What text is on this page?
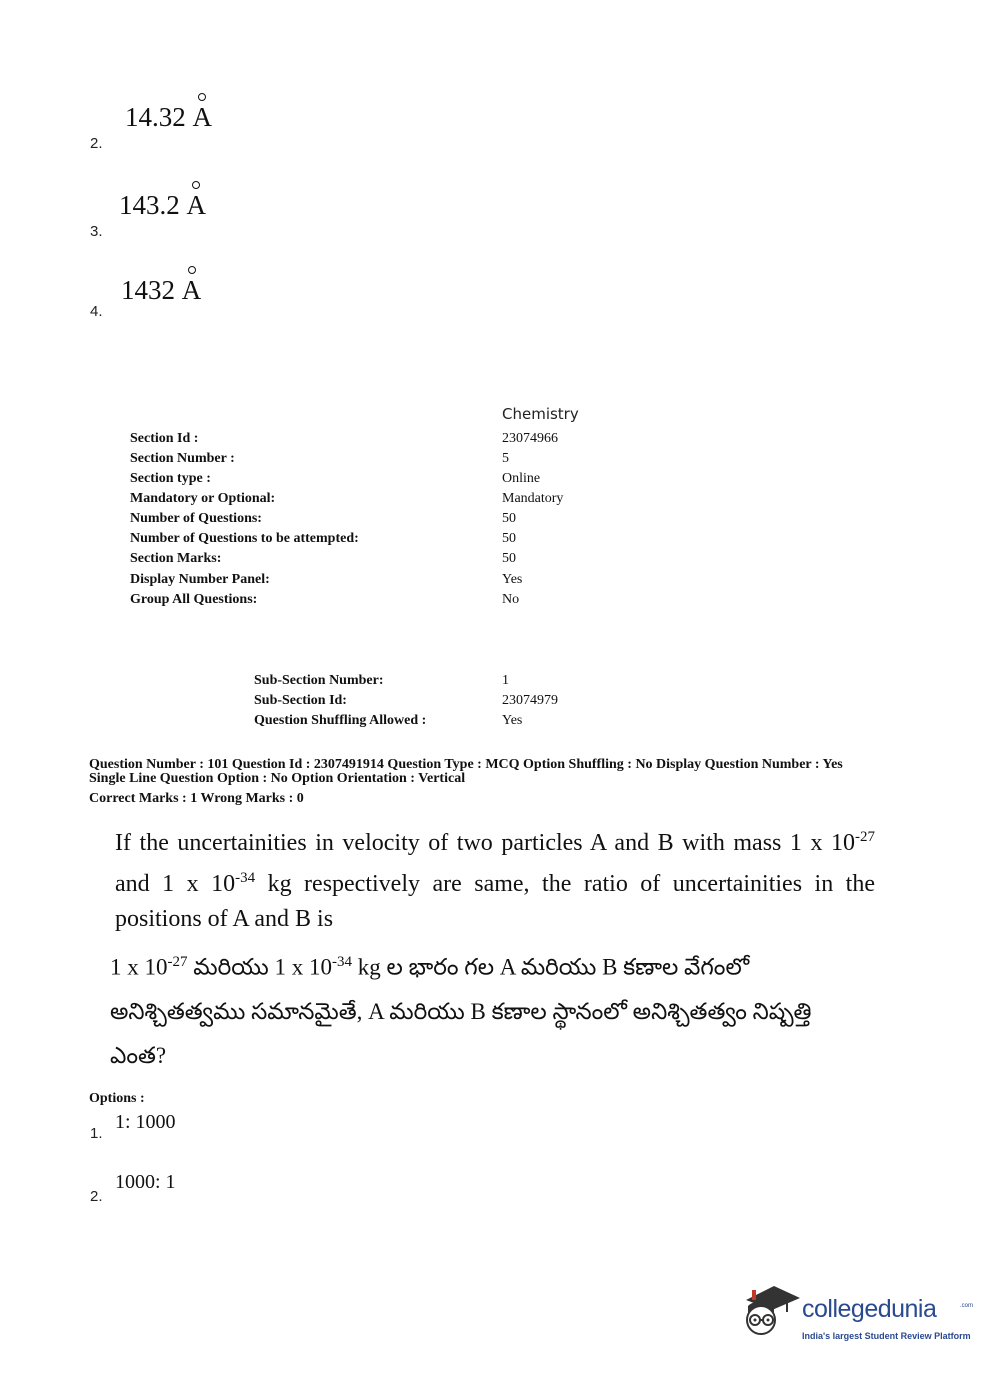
2.
14.32 A
3.
143.2 A
4.
1432 A
Chemistry
Section Id :	23074966
Section Number :	5
Section type :	Online
Mandatory or Optional:	Mandatory
Number of Questions:	50
Number of Questions to be attempted:	50
Section Marks:	50
Display Number Panel:	Yes
Group All Questions:	No
Sub-Section Number:	1
Sub-Section Id:	23074979
Question Shuffling Allowed :	Yes
Question Number : 101 Question Id : 2307491914 Question Type : MCQ Option Shuffling : No Display Question Number : Yes
Single Line Question Option : No Option Orientation : Vertical
Correct Marks : 1 Wrong Marks : 0
If the uncertainities in velocity of two particles A and B with mass 1 x $10^{-27}$ and 1 x $10^{-34}$ kg respectively are same, the ratio of uncertainities in the positions of A and B is
1 x $10^{-27}$ మరియు 1 x $10^{-34}$ kg ల భారం గల A మరియు B కణాల వేగంలో అనిశ్చితత్వము సమానమైతే, A మరియు B కణాల స్థానంలో అనిశ్చితత్వం నిష్పత్తి ఎంత?
Options :
1.
1: 1000
2.
1000: 1
collegedunia	.com
India's largest Student Review Platform
